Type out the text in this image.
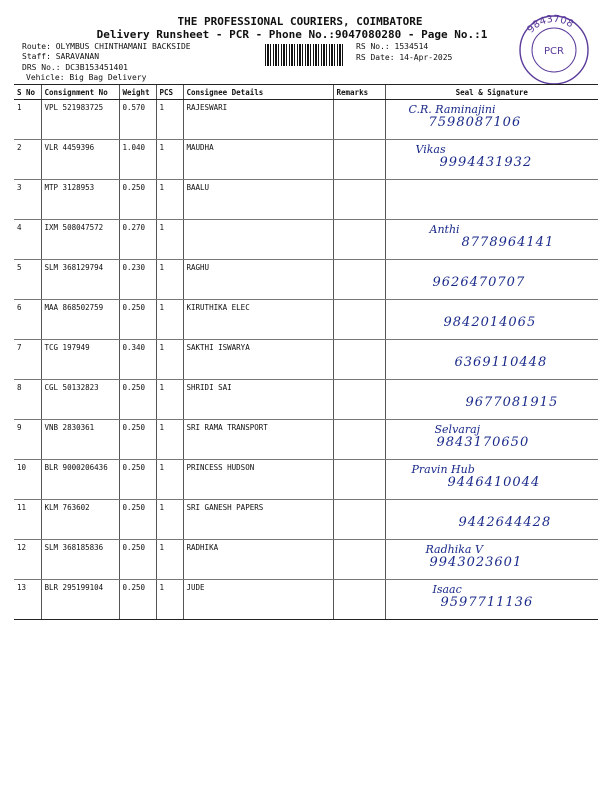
THE PROFESSIONAL COURIERS, COIMBATORE
Delivery Runsheet - PCR - Phone No.:9047080280 - Page No.:1
Route: OLYMBUS CHINTHAMANI BACKSIDE
Staff: SARAVANAN
DRS No.: DC3B153451401
Vehicle: Big Bag Delivery
RS No.: 1534514
RS Date: 14-Apr-2025
9843708
PCR
S No	Consignment No	Weight	PCS	Consignee Details	Remarks	Seal & Signature
1	VPL 521983725	0.570	1	RAJESWARI		C.R. Raminajini
7598087106

2	VLR 4459396	1.040	1	MAUDHA		Vikas
9994431932

3	MTP 3128953	0.250	1	BAALU		

4	IXM 508047572	0.270	1			Anthi
8778964141

5	SLM 368129794	0.230	1	RAGHU		9626470707

6	MAA 868502759	0.250	1	KIRUTHIKA ELEC		9842014065

7	TCG 197949	0.340	1	SAKTHI ISWARYA		6369110448

8	CGL 50132823	0.250	1	SHRIDI SAI		9677081915

9	VNB 2830361	0.250	1	SRI RAMA TRANSPORT		Selvaraj
9843170650

10	BLR 9000206436	0.250	1	PRINCESS HUDSON		Pravin Hub
9446410044

11	KLM 763602	0.250	1	SRI GANESH PAPERS		9442644428

12	SLM 368185836	0.250	1	RADHIKA		Radhika V
9943023601

13	BLR 295199104	0.250	1	JUDE		Isaac
9597711136
